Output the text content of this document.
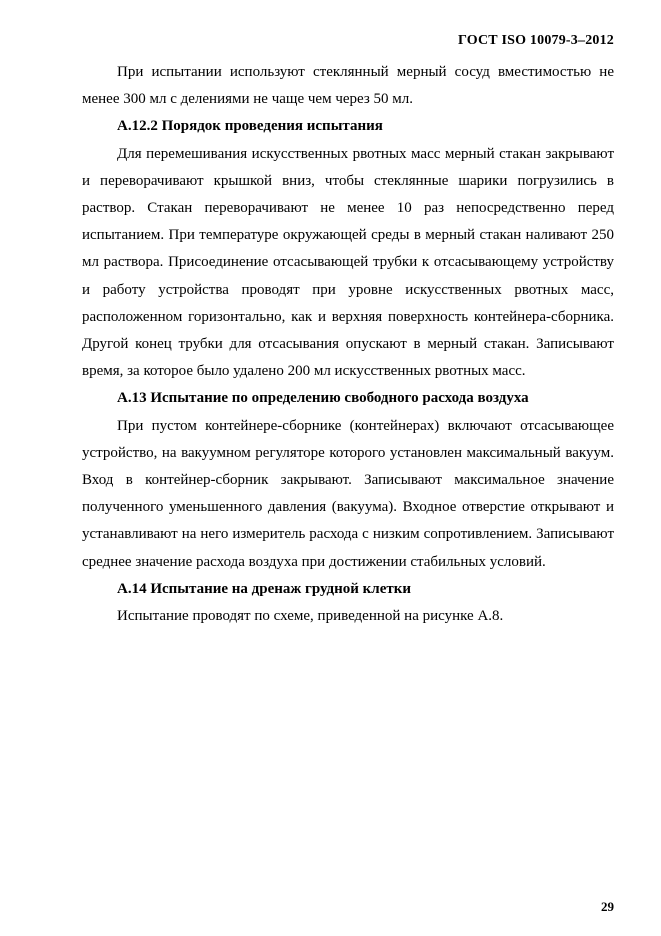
ГОСТ ISO 10079-3–2012

При испытании используют стеклянный мерный сосуд вместимостью не менее 300 мл с делениями не чаще чем через 50 мл.

А.12.2 Порядок проведения испытания

Для перемешивания искусственных рвотных масс мерный стакан закрывают и переворачивают крышкой вниз, чтобы стеклянные шарики погрузились в раствор. Стакан переворачивают не менее 10 раз непосредственно перед испытанием. При температуре окружающей среды в мерный стакан наливают 250 мл раствора. Присоединение отсасывающей трубки к отсасывающему устройству и работу устройства проводят при уровне искусственных рвотных масс, расположенном горизонтально, как и верхняя поверхность контейнера-сборника. Другой конец трубки для отсасывания опускают в мерный стакан. Записывают время, за которое было удалено 200 мл искусственных рвотных масс.

А.13 Испытание по определению свободного расхода воздуха

При пустом контейнере-сборнике (контейнерах) включают отсасывающее устройство, на вакуумном регуляторе которого установлен максимальный вакуум. Вход в контейнер-сборник закрывают. Записывают максимальное значение полученного уменьшенного давления (вакуума). Входное отверстие открывают и устанавливают на него измеритель расхода с низким сопротивлением. Записывают среднее значение расхода воздуха при достижении стабильных условий.

А.14 Испытание на дренаж грудной клетки

Испытание проводят по схеме, приведенной на рисунке А.8.

29
